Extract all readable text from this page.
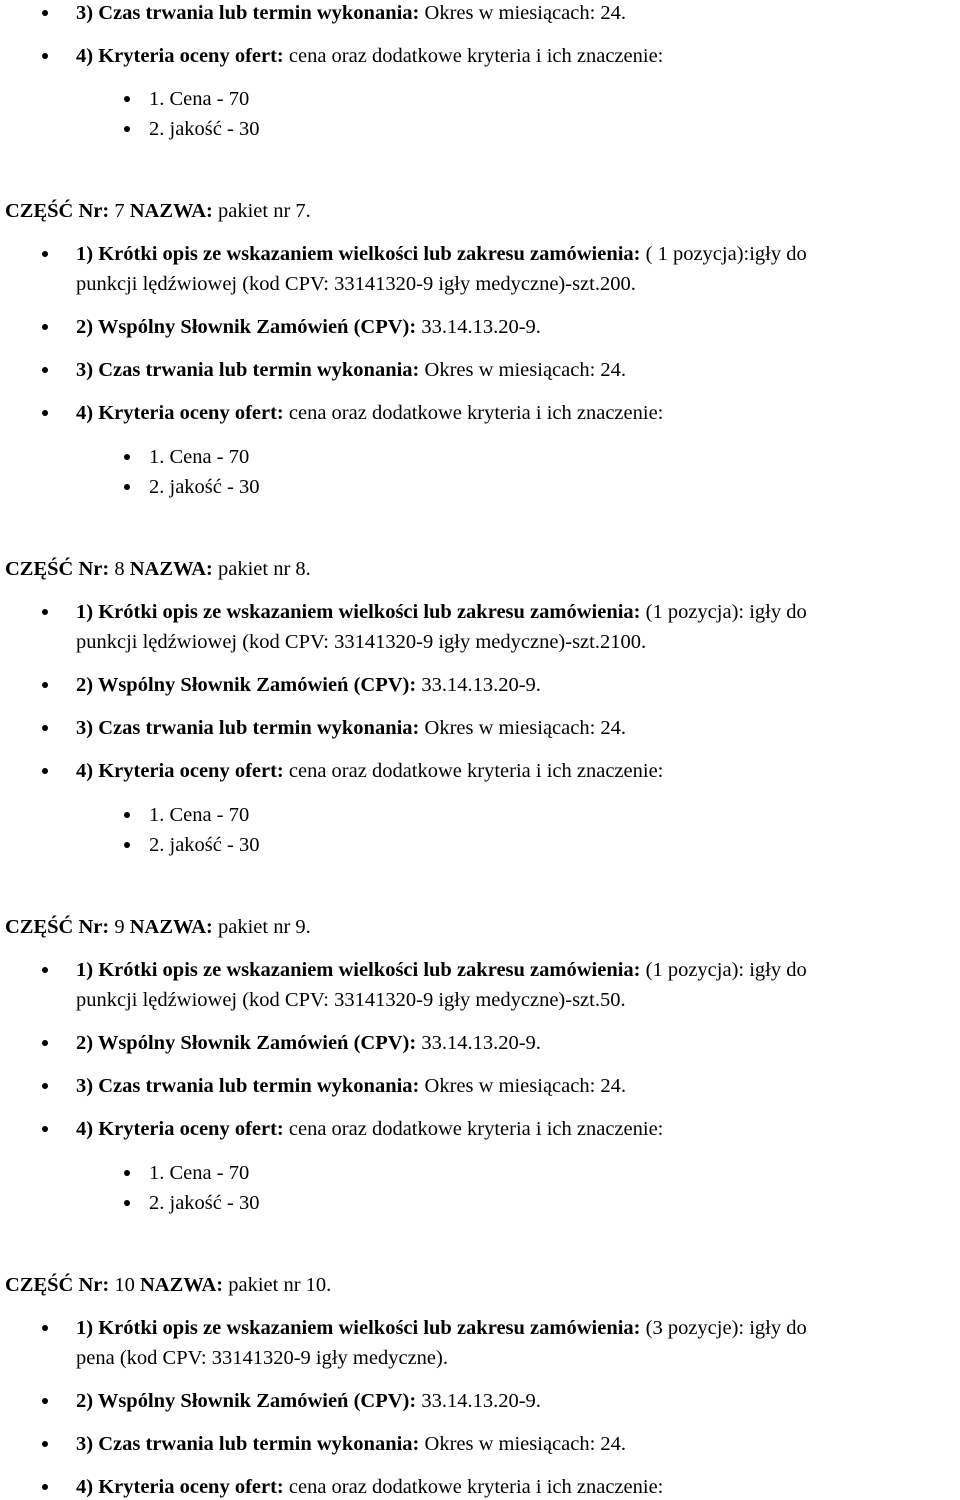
3) Czas trwania lub termin wykonania: Okres w miesiącach: 24.
4) Kryteria oceny ofert: cena oraz dodatkowe kryteria i ich znaczenie:
1. Cena - 70
2. jakość - 30
CZĘŚĆ Nr: 7 NAZWA: pakiet nr 7.
1) Krótki opis ze wskazaniem wielkości lub zakresu zamówienia: ( 1 pozycja):igły do
punkcji lędźwiowej (kod CPV: 33141320-9 igły medyczne)-szt.200.
2) Wspólny Słownik Zamówień (CPV): 33.14.13.20-9.
3) Czas trwania lub termin wykonania: Okres w miesiącach: 24.
4) Kryteria oceny ofert: cena oraz dodatkowe kryteria i ich znaczenie:
1. Cena - 70
2. jakość - 30
CZĘŚĆ Nr: 8 NAZWA: pakiet nr 8.
1) Krótki opis ze wskazaniem wielkości lub zakresu zamówienia: (1 pozycja): igły do
punkcji lędźwiowej (kod CPV: 33141320-9 igły medyczne)-szt.2100.
2) Wspólny Słownik Zamówień (CPV): 33.14.13.20-9.
3) Czas trwania lub termin wykonania: Okres w miesiącach: 24.
4) Kryteria oceny ofert: cena oraz dodatkowe kryteria i ich znaczenie:
1. Cena - 70
2. jakość - 30
CZĘŚĆ Nr: 9 NAZWA: pakiet nr 9.
1) Krótki opis ze wskazaniem wielkości lub zakresu zamówienia: (1 pozycja): igły do
punkcji lędźwiowej (kod CPV: 33141320-9 igły medyczne)-szt.50.
2) Wspólny Słownik Zamówień (CPV): 33.14.13.20-9.
3) Czas trwania lub termin wykonania: Okres w miesiącach: 24.
4) Kryteria oceny ofert: cena oraz dodatkowe kryteria i ich znaczenie:
1. Cena - 70
2. jakość - 30
CZĘŚĆ Nr: 10 NAZWA: pakiet nr 10.
1) Krótki opis ze wskazaniem wielkości lub zakresu zamówienia: (3 pozycje): igły do
pena (kod CPV: 33141320-9 igły medyczne).
2) Wspólny Słownik Zamówień (CPV): 33.14.13.20-9.
3) Czas trwania lub termin wykonania: Okres w miesiącach: 24.
4) Kryteria oceny ofert: cena oraz dodatkowe kryteria i ich znaczenie:
